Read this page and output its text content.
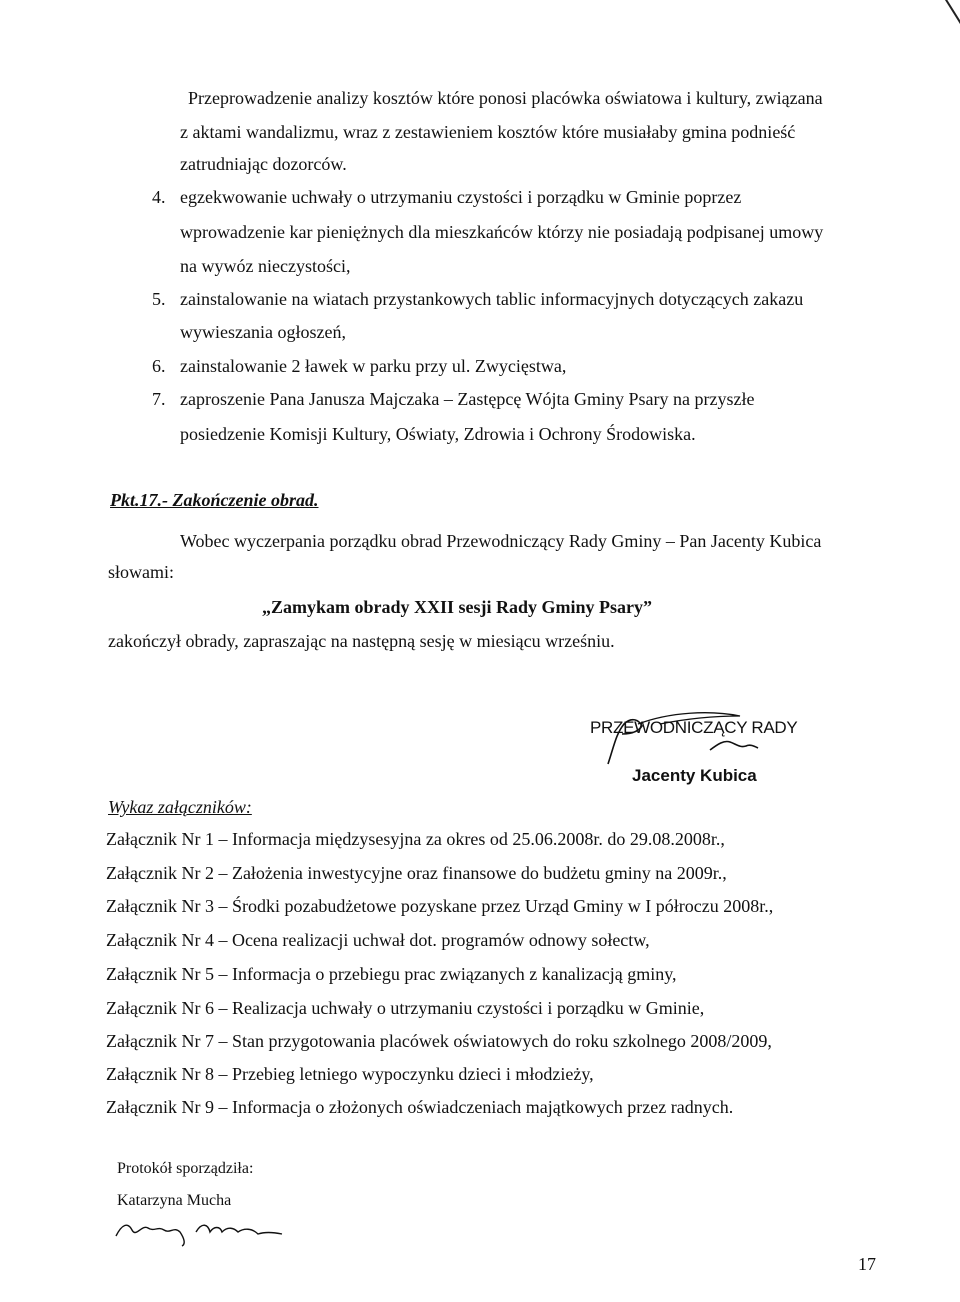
Przeprowadzenie analizy kosztów które ponosi placówka oświatowa i kultury, związana
z aktami wandalizmu, wraz z zestawieniem kosztów które musiałaby gmina podnieść
zatrudniając dozorców.
4. egzekwowanie uchwały o utrzymaniu czystości i porządku w Gminie poprzez
wprowadzenie kar pieniężnych dla mieszkańców którzy nie posiadają podpisanej umowy
na wywóz nieczystości,
5. zainstalowanie na wiatach przystankowych tablic informacyjnych dotyczących zakazu
wywieszania ogłoszeń,
6. zainstalowanie 2 ławek w parku przy ul. Zwycięstwa,
7. zaproszenie Pana Janusza Majczaka – Zastępcę Wójta Gminy Psary na przyszłe
posiedzenie Komisji Kultury, Oświaty, Zdrowia i Ochrony Środowiska.
Pkt.17.- Zakończenie obrad.
Wobec wyczerpania porządku obrad Przewodniczący Rady Gminy – Pan Jacenty Kubica
słowami:
„Zamykam obrady XXII sesji Rady Gminy Psary”
zakończył obrady, zapraszając na następną sesję w miesiącu wrześniu.
PRZEWODNICZĄCY RADY
Jacenty Kubica
Wykaz załączników:
Załącznik Nr 1 – Informacja międzysesyjna za okres od 25.06.2008r. do 29.08.2008r.,
Załącznik Nr 2 – Założenia inwestycyjne oraz finansowe do budżetu gminy na 2009r.,
Załącznik Nr 3 – Środki pozabudżetowe pozyskane przez Urząd Gminy w I półroczu 2008r.,
Załącznik Nr 4 – Ocena realizacji uchwał dot. programów odnowy sołectw,
Załącznik Nr 5 – Informacja o przebiegu prac związanych z kanalizacją gminy,
Załącznik Nr 6 – Realizacja uchwały o utrzymaniu czystości i porządku w Gminie,
Załącznik Nr 7 – Stan przygotowania placówek oświatowych do roku szkolnego 2008/2009,
Załącznik Nr 8 – Przebieg letniego wypoczynku dzieci i młodzieży,
Załącznik Nr 9 – Informacja o złożonych oświadczeniach majątkowych przez radnych.
Protokół sporządziła:
Katarzyna Mucha
17
